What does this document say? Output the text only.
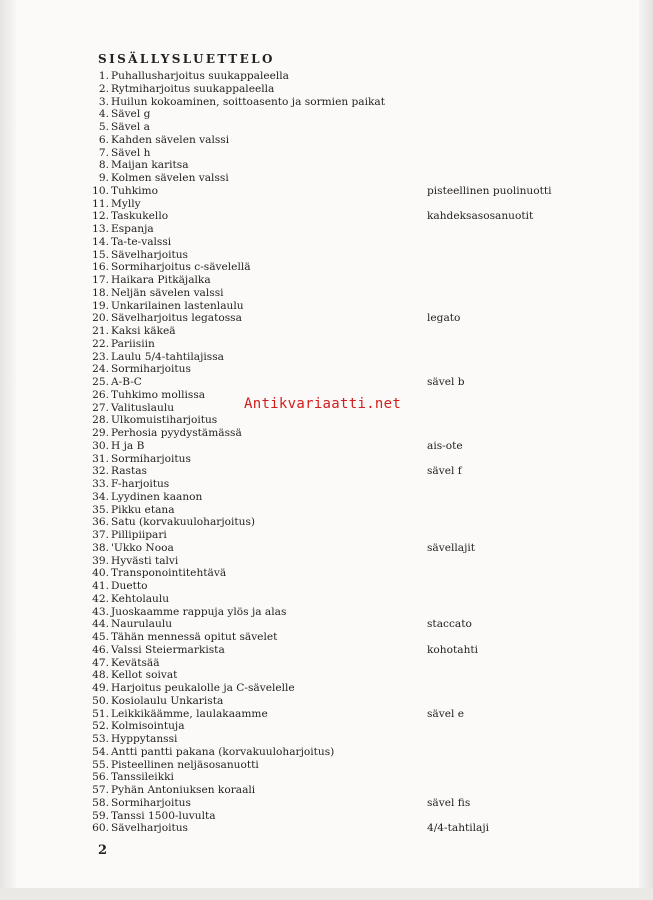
SISÄLLYSLUETTELO
1. Puhallusharjoitus suukappaleella
2. Rytmiharjoitus suukappaleella
3. Huilun kokoaminen, soittoasento ja sormien paikat
4. Sävel g
5. Sävel a
6. Kahden sävelen valssi
7. Sävel h
8. Maijan karitsa
9. Kolmen sävelen valssi
10. Tuhkimo	pisteellinen puolinuotti
11. Mylly
12. Taskukello	kahdeksasosanuotit
13. Espanja
14. Ta-te-valssi
15. Sävelharjoitus
16. Sormiharjoitus c-sävelellä
17. Haikara Pitkäjalka
18. Neljän sävelen valssi
19. Unkarilainen lastenlaulu
20. Sävelharjoitus legatossa	legato
21. Kaksi käkeä
22. Pariisiin
23. Laulu 5/4-tahtilajissa
24. Sormiharjoitus
25. A-B-C	sävel b
26. Tuhkimo mollissa
27. Valituslaulu
28. Ulkomuistiharjoitus
29. Perhosia pyydystämässä
30. H ja B	ais-ote
31. Sormiharjoitus
32. Rastas	sävel f
33. F-harjoitus
34. Lyydinen kaanon
35. Pikku etana
36. Satu (korvakuuloharjoitus)
37. Pillipiipari
38. 'Ukko Nooa	sävellajit
39. Hyvästi talvi
40. Transponointitehtävä
41. Duetto
42. Kehtolaulu
43. Juoskaamme rappuja ylös ja alas
44. Naurulaulu	staccato
45. Tähän mennessä opitut sävelet
46. Valssi Steiermarkista	kohotahti
47. Kevätsää
48. Kellot soivat
49. Harjoitus peukalolle ja C-sävelelle
50. Kosiolaulu Unkarista
51. Leikkikäämme, laulakaamme	sävel e
52. Kolmisointuja
53. Hyppytanssi
54. Antti pantti pakana (korvakuuloharjoitus)
55. Pisteellinen neljäsosanuotti
56. Tanssileikki
57. Pyhän Antoniuksen koraali
58. Sormiharjoitus	sävel fis
59. Tanssi 1500-luvulta
60. Sävelharjoitus	4/4-tahtilaji
Antikvariaatti.net
2
